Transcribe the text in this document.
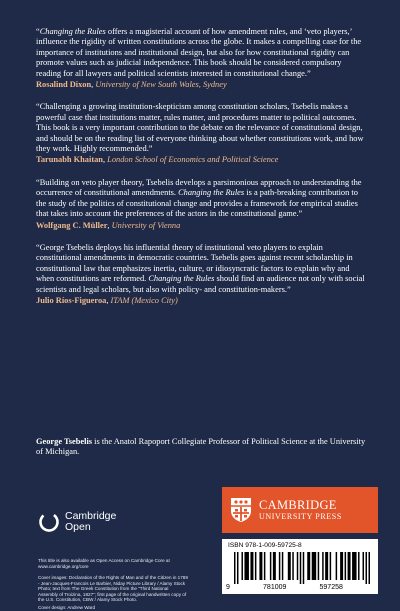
“Changing the Rules offers a magisterial account of how amendment rules, and ‘veto players,’ influence the rigidity of written constitutions across the globe. It makes a compelling case for the importance of institutions and institutional design, but also for how constitutional rigidity can promote values such as judicial independence. This book should be considered compulsory reading for all lawyers and political scientists interested in constitutional change.”

Rosalind Dixon, University of New South Wales, Sydney

“Challenging a growing institution-skepticism among constitution scholars, Tsebelis makes a powerful case that institutions matter, rules matter, and procedures matter to political outcomes. This book is a very important contribution to the debate on the relevance of constitutional design, and should be on the reading list of everyone thinking about whether constitutions work, and how they work. Highly recommended.”

Tarunabh Khaitan, London School of Economics and Political Science

“Building on veto player theory, Tsebelis develops a parsimonious approach to understanding the occurrence of constitutional amendments. Changing the Rules is a path-breaking contribution to the study of the politics of constitutional change and provides a framework for empirical studies that takes into account the preferences of the actors in the constitutional game.”

Wolfgang C. Müller, University of Vienna

“George Tsebelis deploys his influential theory of institutional veto players to explain constitutional amendments in democratic countries. Tsebelis goes against recent scholarship in constitutional law that emphasizes inertia, culture, or idiosyncratic factors to explain why and when constitutions are reformed. Changing the Rules should find an audience not only with social scientists and legal scholars, but also with policy- and constitution-makers.”

Julio Ríos-Figueroa, ITAM (Mexico City)
George Tsebelis is the Anatol Rapoport Collegiate Professor of Political Science at the University of Michigan.
Cambridge
Open
This title is also available as Open Access on Cambridge Core at www.cambridge.org/core
Cover images: Declaration of the Rights of Man and of the Citizen in 1789 - Jean-Jacques-Francois Le Barbier, Niday Picture Library / Alamy Stock Photo; text from The Greek Constitution from the “Third National Assembly of Troizina, 1827”; first page of the original handwritten copy of the U.S. Constitution, CBW / Alamy Stock Photo.
Cover design: Andrew Ward
CAMBRIDGE
UNIVERSITY PRESS
ISBN 978-1-009-59725-8
9	781009	597258
